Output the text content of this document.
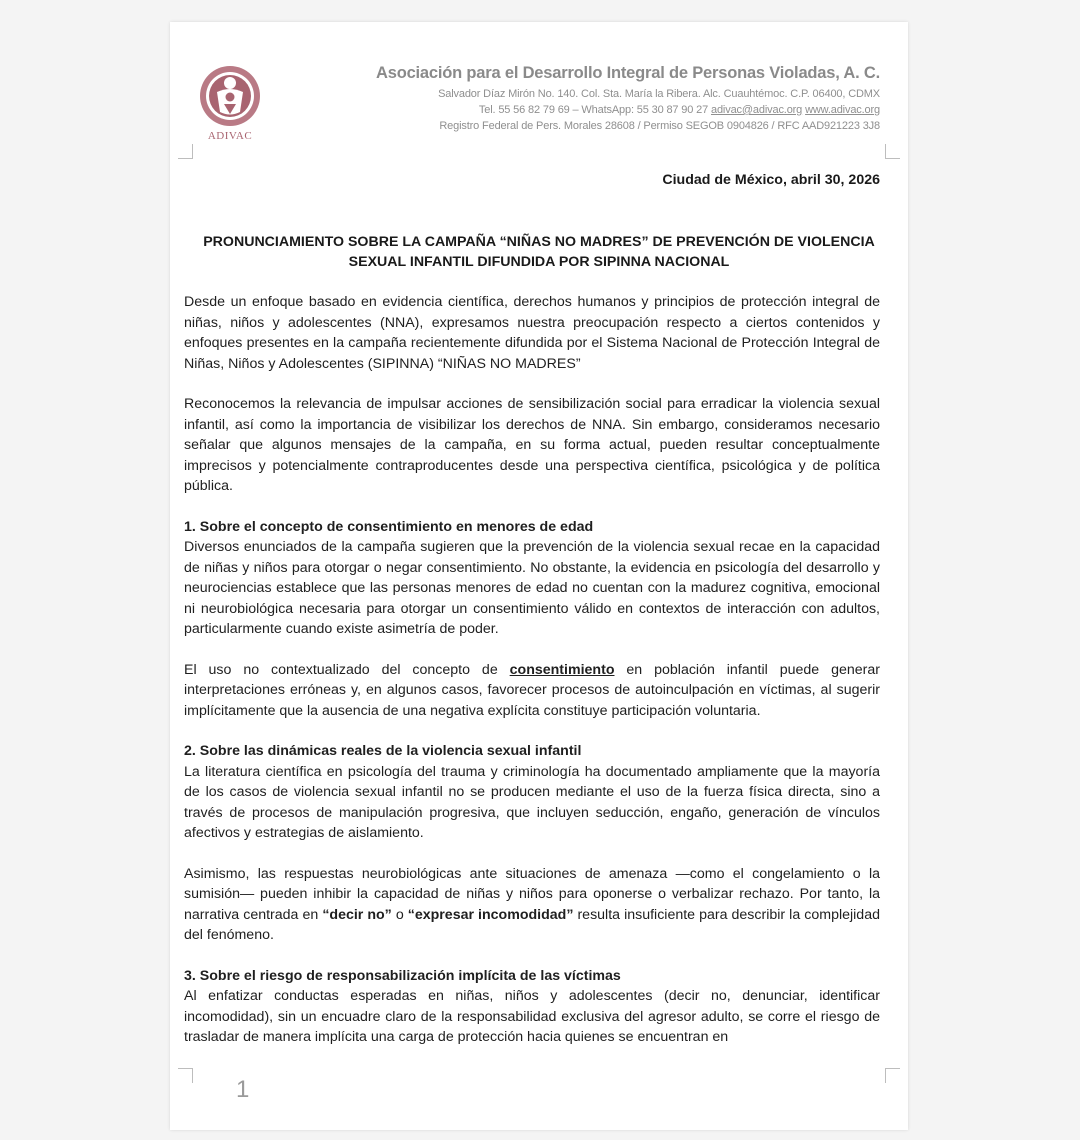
ADIVAC
Asociación para el Desarrollo Integral de Personas Violadas, A. C.
Salvador Díaz Mirón No. 140. Col. Sta. María la Ribera. Alc. Cuauhtémoc. C.P. 06400, CDMX
Tel. 55 56 82 79 69 – WhatsApp: 55 30 87 90 27 adivac@adivac.org www.adivac.org
Registro Federal de Pers. Morales 28608 / Permiso SEGOB 0904826 / RFC AAD921223 3J8
Ciudad de México, abril 30, 2026
PRONUNCIAMIENTO SOBRE LA CAMPAÑA “NIÑAS NO MADRES” DE PREVENCIÓN DE VIOLENCIA SEXUAL INFANTIL DIFUNDIDA POR SIPINNA NACIONAL

Desde un enfoque basado en evidencia científica, derechos humanos y principios de protección integral de niñas, niños y adolescentes (NNA), expresamos nuestra preocupación respecto a ciertos contenidos y enfoques presentes en la campaña recientemente difundida por el Sistema Nacional de Protección Integral de Niñas, Niños y Adolescentes (SIPINNA) “NIÑAS NO MADRES”

Reconocemos la relevancia de impulsar acciones de sensibilización social para erradicar la violencia sexual infantil, así como la importancia de visibilizar los derechos de NNA. Sin embargo, consideramos necesario señalar que algunos mensajes de la campaña, en su forma actual, pueden resultar conceptualmente imprecisos y potencialmente contraproducentes desde una perspectiva científica, psicológica y de política pública.

1. Sobre el concepto de consentimiento en menores de edad

Diversos enunciados de la campaña sugieren que la prevención de la violencia sexual recae en la capacidad de niñas y niños para otorgar o negar consentimiento. No obstante, la evidencia en psicología del desarrollo y neurociencias establece que las personas menores de edad no cuentan con la madurez cognitiva, emocional ni neurobiológica necesaria para otorgar un consentimiento válido en contextos de interacción con adultos, particularmente cuando existe asimetría de poder.

El uso no contextualizado del concepto de consentimiento en población infantil puede generar interpretaciones erróneas y, en algunos casos, favorecer procesos de autoinculpación en víctimas, al sugerir implícitamente que la ausencia de una negativa explícita constituye participación voluntaria.

2. Sobre las dinámicas reales de la violencia sexual infantil

La literatura científica en psicología del trauma y criminología ha documentado ampliamente que la mayoría de los casos de violencia sexual infantil no se producen mediante el uso de la fuerza física directa, sino a través de procesos de manipulación progresiva, que incluyen seducción, engaño, generación de vínculos afectivos y estrategias de aislamiento.

Asimismo, las respuestas neurobiológicas ante situaciones de amenaza —como el congelamiento o la sumisión— pueden inhibir la capacidad de niñas y niños para oponerse o verbalizar rechazo. Por tanto, la narrativa centrada en “decir no” o “expresar incomodidad” resulta insuficiente para describir la complejidad del fenómeno.

3. Sobre el riesgo de responsabilización implícita de las víctimas

Al enfatizar conductas esperadas en niñas, niños y adolescentes (decir no, denunciar, identificar incomodidad), sin un encuadre claro de la responsabilidad exclusiva del agresor adulto, se corre el riesgo de trasladar de manera implícita una carga de protección hacia quienes se encuentran en

1
